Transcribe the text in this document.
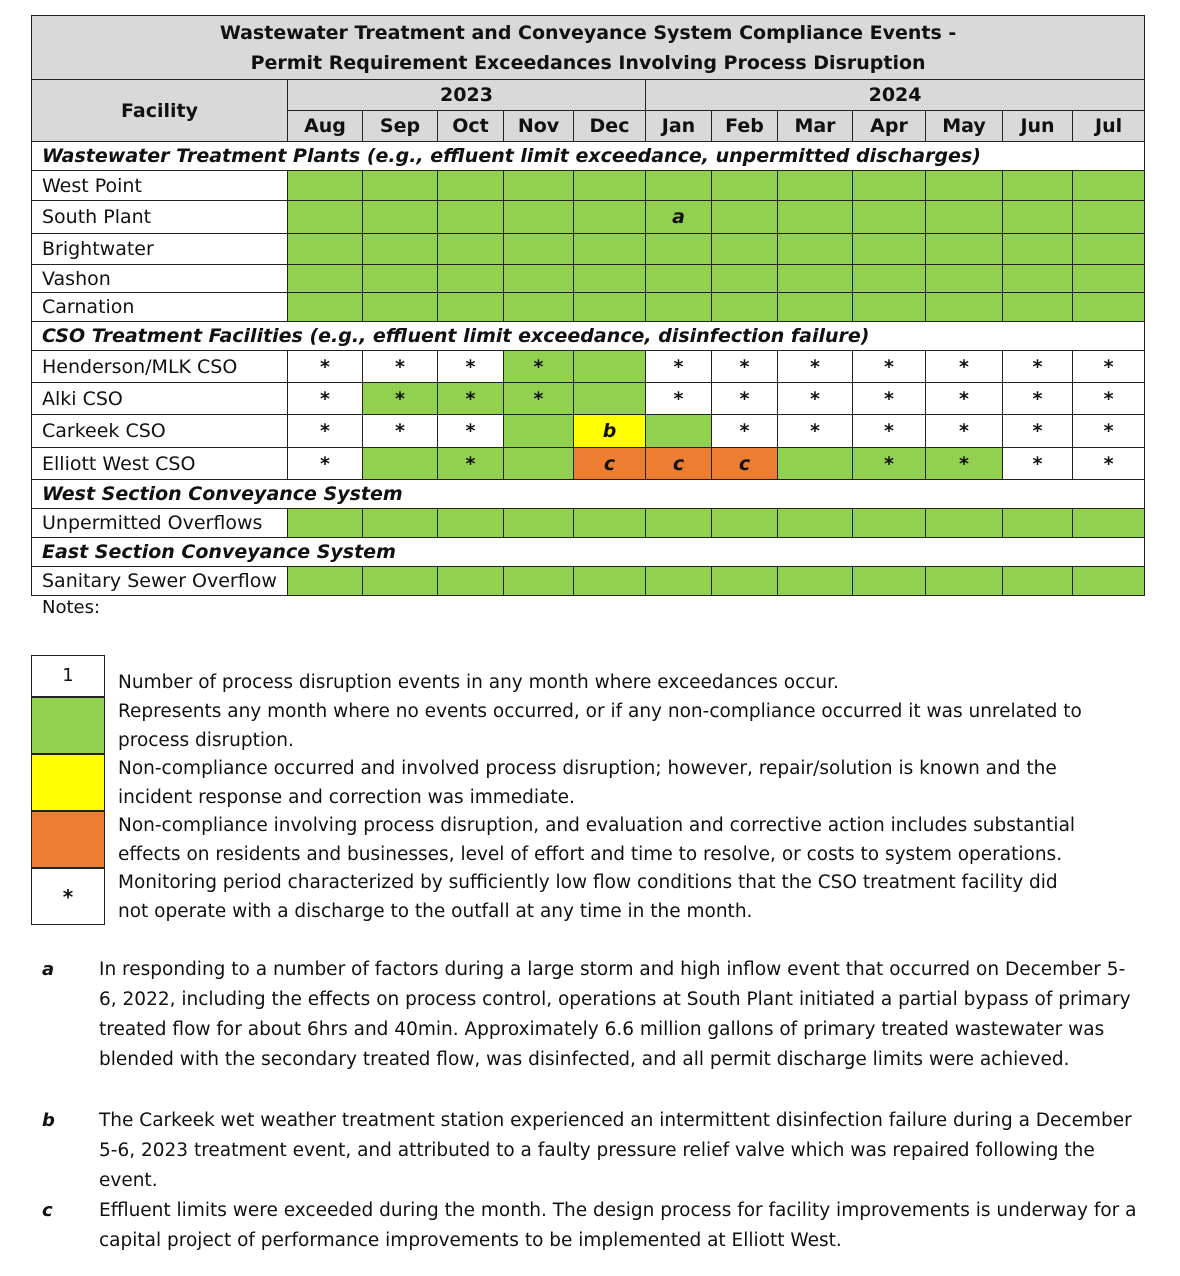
Wastewater Treatment and Conveyance System Compliance Events -
Permit Requirement Exceedances Involving Process Disruption												

Facility	2023					2024						
	Aug	Sep	Oct	Nov	Dec	Jan	Feb	Mar	Apr	May	Jun	Jul
Wastewater Treatment Plants (e.g., effluent limit exceedance, unpermitted discharges)												
West Point												
South Plant						a						
Brightwater												
Vashon												
Carnation												
CSO Treatment Facilities (e.g., effluent limit exceedance, disinfection failure)												
Henderson/MLK CSO	*	*	*	*		*	*	*	*	*	*	*
Alki CSO	*	*	*	*		*	*	*	*	*	*	*
Carkeek CSO	*	*	*		b		*	*	*	*	*	*
Elliott West CSO	*		*		c	c	c		*	*	*	*
West Section Conveyance System												
Unpermitted Overflows												
East Section Conveyance System												
Sanitary Sewer Overflow												
Notes:
1	Number of process disruption events in any month where exceedances occur.
Represents any month where no events occurred, or if any non-compliance occurred it was unrelated to
process disruption.
Non-compliance occurred and involved process disruption; however, repair/solution is known and the
incident response and correction was immediate.
Non-compliance involving process disruption, and evaluation and corrective action includes substantial
effects on residents and businesses, level of effort and time to resolve, or costs to system operations.
*
Monitoring period characterized by sufficiently low flow conditions that the CSO treatment facility did
not operate with a discharge to the outfall at any time in the month.
a In responding to a number of factors during a large storm and high inflow event that occurred on December 5-6, 2022, including the effects on process control, operations at South Plant initiated a partial bypass of primary treated flow for about 6hrs and 40min. Approximately 6.6 million gallons of primary treated wastewater was blended with the secondary treated flow, was disinfected, and all permit discharge limits were achieved.
b The Carkeek wet weather treatment station experienced an intermittent disinfection failure during a December 5-6, 2023 treatment event, and attributed to a faulty pressure relief valve which was repaired following the event.
c	Effluent limits were exceeded during the month. The design process for facility improvements is underway for a capital project of performance improvements to be implemented at Elliott West.
